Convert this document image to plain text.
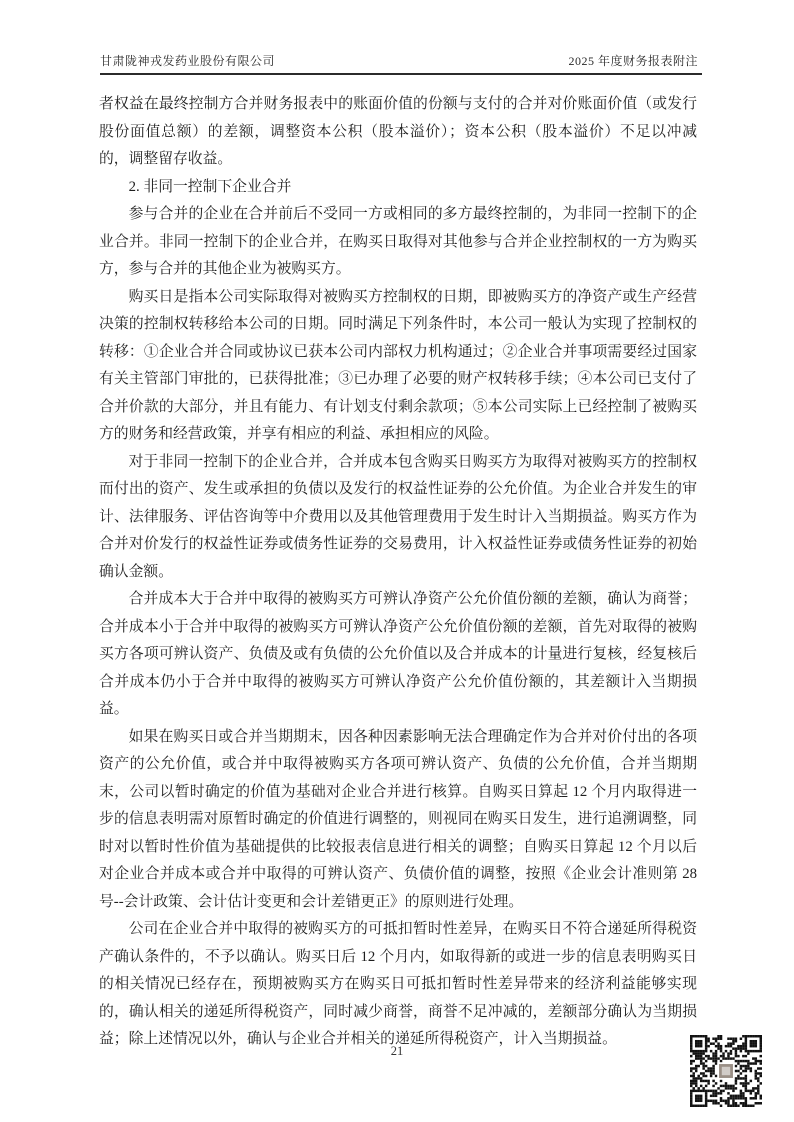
甘肃陇神戎发药业股份有限公司	2025 年度财务报表附注

者权益在最终控制方合并财务报表中的账面价值的份额与支付的合并对价账面价值（或发行股份面值总额）的差额，调整资本公积（股本溢价）；资本公积（股本溢价）不足以冲减的，调整留存收益。

2. 非同一控制下企业合并

参与合并的企业在合并前后不受同一方或相同的多方最终控制的，为非同一控制下的企业合并。非同一控制下的企业合并，在购买日取得对其他参与合并企业控制权的一方为购买方，参与合并的其他企业为被购买方。

购买日是指本公司实际取得对被购买方控制权的日期，即被购买方的净资产或生产经营决策的控制权转移给本公司的日期。同时满足下列条件时，本公司一般认为实现了控制权的转移：①企业合并合同或协议已获本公司内部权力机构通过；②企业合并事项需要经过国家有关主管部门审批的，已获得批准；③已办理了必要的财产权转移手续；④本公司已支付了合并价款的大部分，并且有能力、有计划支付剩余款项；⑤本公司实际上已经控制了被购买方的财务和经营政策，并享有相应的利益、承担相应的风险。

对于非同一控制下的企业合并，合并成本包含购买日购买方为取得对被购买方的控制权而付出的资产、发生或承担的负债以及发行的权益性证券的公允价值。为企业合并发生的审计、法律服务、评估咨询等中介费用以及其他管理费用于发生时计入当期损益。购买方作为合并对价发行的权益性证券或债务性证券的交易费用，计入权益性证券或债务性证券的初始确认金额。

合并成本大于合并中取得的被购买方可辨认净资产公允价值份额的差额，确认为商誉；合并成本小于合并中取得的被购买方可辨认净资产公允价值份额的差额，首先对取得的被购买方各项可辨认资产、负债及或有负债的公允价值以及合并成本的计量进行复核，经复核后合并成本仍小于合并中取得的被购买方可辨认净资产公允价值份额的，其差额计入当期损益。

如果在购买日或合并当期期末，因各种因素影响无法合理确定作为合并对价付出的各项资产的公允价值，或合并中取得被购买方各项可辨认资产、负债的公允价值，合并当期期末，公司以暂时确定的价值为基础对企业合并进行核算。自购买日算起 12 个月内取得进一步的信息表明需对原暂时确定的价值进行调整的，则视同在购买日发生，进行追溯调整，同时对以暂时性价值为基础提供的比较报表信息进行相关的调整；自购买日算起 12 个月以后对企业合并成本或合并中取得的可辨认资产、负债价值的调整，按照《企业会计准则第 28 号--会计政策、会计估计变更和会计差错更正》的原则进行处理。

公司在企业合并中取得的被购买方的可抵扣暂时性差异，在购买日不符合递延所得税资产确认条件的，不予以确认。购买日后 12 个月内，如取得新的或进一步的信息表明购买日的相关情况已经存在，预期被购买方在购买日可抵扣暂时性差异带来的经济利益能够实现的，确认相关的递延所得税资产，同时减少商誉，商誉不足冲减的，差额部分确认为当期损益；除上述情况以外，确认与企业合并相关的递延所得税资产，计入当期损益。

21
